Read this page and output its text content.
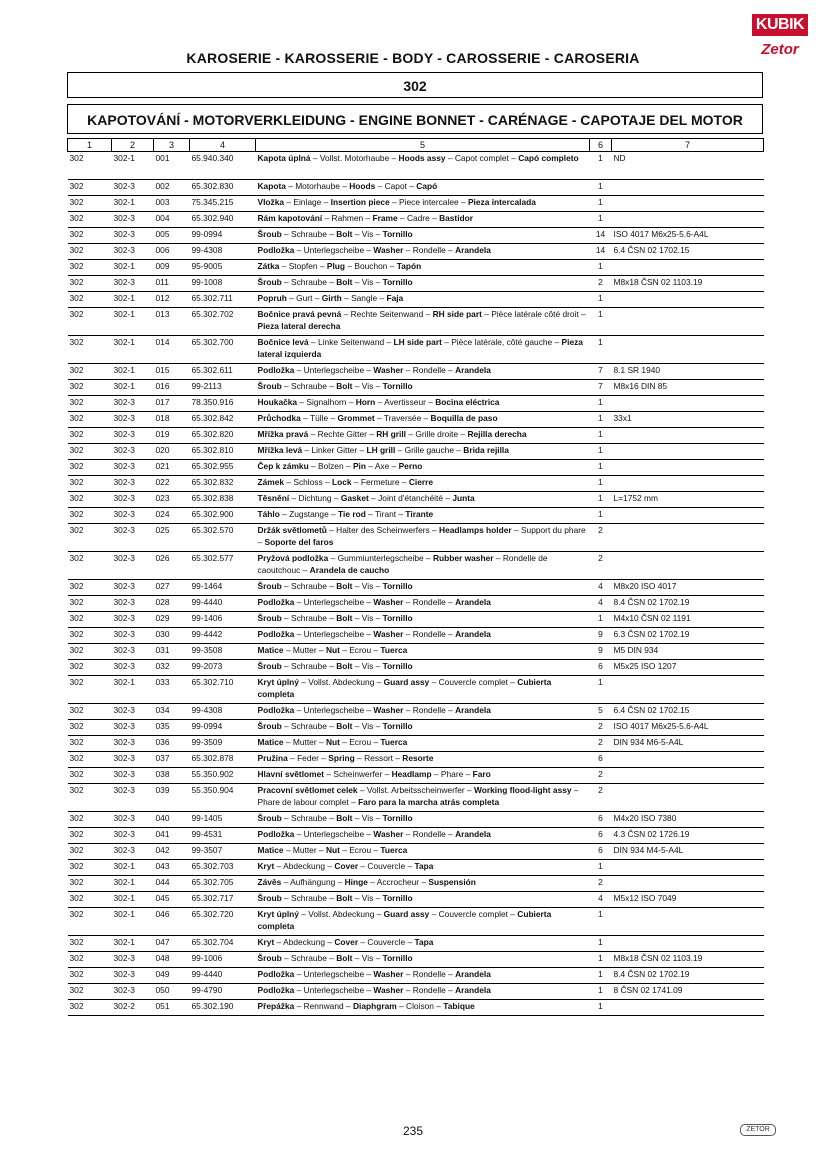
KUBIK
Zetor
KAROSERIE - KAROSSERIE - BODY - CAROSSERIE - CAROSERIA
302
KAPOTOVÁNÍ - MOTORVERKLEIDUNG - ENGINE BONNET - CARÉNAGE - CAPOTAJE DEL MOTOR
1	2	3	4	5	6	7
302	302-1	001	65.940.340	Kapota úplná – Vollst. Motorhaube – Hoods assy – Capot complet – Capó completo	1	ND
302	302-3	002	65.302.830	Kapota – Motorhaube – Hoods – Capot – Capó	1	
302	302-1	003	75.345.215	Vložka – Einlage – Insertion piece – Piece intercalee – Pieza intercalada	1	
302	302-3	004	65.302.940	Rám kapotování – Rahmen – Frame – Cadre – Bastidor	1	
302	302-3	005	99-0994	Šroub – Schraube – Bolt – Vis – Tornillo	14	ISO 4017 M6x25-5.6-A4L
302	302-3	006	99-4308	Podložka – Unterlegscheibe – Washer – Rondelle – Arandela	14	6.4 ČSN 02 1702.15
302	302-1	009	95-9005	Zátka – Stopfen – Plug – Bouchon – Tapón	1	
302	302-3	011	99-1008	Šroub – Schraube – Bolt – Vis – Tornillo	2	M8x18 ČSN 02 1103.19
302	302-1	012	65.302.711	Popruh – Gurt – Girth – Sangle – Faja	1	
302	302-1	013	65.302.702	Bočnice pravá pevná – Rechte Seitenwand – RH side part – Pièce latérale côté droit – Pieza lateral derecha	1	
302	302-1	014	65.302.700	Bočnice levá – Linke Seitenwand – LH side part – Pièce latérale, côté gauche – Pieza lateral izquierda	1	
302	302-1	015	65.302.611	Podložka – Unterlegscheibe – Washer – Rondelle – Arandela	7	8.1 SR 1940
302	302-1	016	99-2113	Šroub – Schraube – Bolt – Vis – Tornillo	7	M8x16 DIN 85
302	302-3	017	78.350.916	Houkačka – Signalhorn – Horn – Avertisseur – Bocina eléctrica	1	
302	302-3	018	65.302.842	Průchodka – Tülle – Grommet – Traversée – Boquilla de paso	1	33x1
302	302-3	019	65.302.820	Mřížka pravá – Rechte Gitter – RH grill – Grille droite – Rejilla derecha	1	
302	302-3	020	65.302.810	Mřížka levá – Linker Gitter – LH grill – Grille gauche – Brida rejilla	1	
302	302-3	021	65.302.955	Čep k zámku – Bolzen – Pin – Axe – Perno	1	
302	302-3	022	65.302.832	Zámek – Schloss – Lock – Fermeture – Cierre	1	
302	302-3	023	65.302.838	Těsnění – Dichtung – Gasket – Joint d'étanchéité – Junta	1	L=1752 mm
302	302-3	024	65.302.900	Táhlo – Zugstange – Tie rod – Tirant – Tirante	1	
302	302-3	025	65.302.570	Držák světlometů – Halter des Scheinwerfers – Headlamps holder – Support du phare – Soporte del faros	2	
302	302-3	026	65.302.577	Pryžová podložka – Gummiunterlegscheibe – Rubber washer – Rondelle de caoutchouc – Arandela de caucho	2	
302	302-3	027	99-1464	Šroub – Schraube – Bolt – Vis – Tornillo	4	M8x20 ISO 4017
302	302-3	028	99-4440	Podložka – Unterlegscheibe – Washer – Rondelle – Arandela	4	8.4 ČSN 02 1702.19
302	302-3	029	99-1406	Šroub – Schraube – Bolt – Vis – Tornillo	1	M4x10 ČSN 02 1191
302	302-3	030	99-4442	Podložka – Unterlegscheibe – Washer – Rondelle – Arandela	9	6.3 ČSN 02 1702.19
302	302-3	031	99-3508	Matice – Mutter – Nut – Ecrou – Tuerca	9	M5 DIN 934
302	302-3	032	99-2073	Šroub – Schraube – Bolt – Vis – Tornillo	6	M5x25 ISO 1207
302	302-1	033	65.302.710	Kryt úplný – Vollst. Abdeckung – Guard assy – Couvercle complet – Cubierta completa	1	
302	302-3	034	99-4308	Podložka – Unterlegscheibe – Washer – Rondelle – Arandela	5	6.4 ČSN 02 1702.15
302	302-3	035	99-0994	Šroub – Schraube – Bolt – Vis – Tornillo	2	ISO 4017 M6x25-5.6-A4L
302	302-3	036	99-3509	Matice – Mutter – Nut – Ecrou – Tuerca	2	DIN 934 M6-5-A4L
302	302-3	037	65.302.878	Pružina – Feder – Spring – Ressort – Resorte	6	
302	302-3	038	55.350.902	Hlavní světlomet – Scheinwerfer – Headlamp – Phare – Faro	2	
302	302-3	039	55.350.904	Pracovní světlomet celek – Vollst. Arbeitsscheinwerfer – Working flood-light assy – Phare de labour complet – Faro para la marcha atrás completa	2	
302	302-3	040	99-1405	Šroub – Schraube – Bolt – Vis – Tornillo	6	M4x20 ISO 7380
302	302-3	041	99-4531	Podložka – Unterlegscheibe – Washer – Rondelle – Arandela	6	4.3 ČSN 02 1726.19
302	302-3	042	99-3507	Matice – Mutter – Nut – Ecrou – Tuerca	6	DIN 934 M4-5-A4L
302	302-1	043	65.302.703	Kryt – Abdeckung – Cover – Couvercle – Tapa	1	
302	302-1	044	65.302.705	Závěs – Aufhängung – Hinge – Accrocheur – Suspensión	2	
302	302-1	045	65.302.717	Šroub – Schraube – Bolt – Vis – Tornillo	4	M5x12 ISO 7049
302	302-1	046	65.302.720	Kryt úplný – Vollst. Abdeckung – Guard assy – Couvercle complet – Cubierta completa	1	
302	302-1	047	65.302.704	Kryt – Abdeckung – Cover – Couvercle – Tapa	1	
302	302-3	048	99-1006	Šroub – Schraube – Bolt – Vis – Tornillo	1	M8x18 ČSN 02 1103.19
302	302-3	049	99-4440	Podložka – Unterlegscheibe – Washer – Rondelle – Arandela	1	8.4 ČSN 02 1702.19
302	302-3	050	99-4790	Podložka – Unterlegscheibe – Washer – Rondelle – Arandela	1	8 ČSN 02 1741.09
302	302-2	051	65.302.190	Přepážka – Rennwand – Diaphgram – Cloison – Tabique	1	
235	ZETOR
